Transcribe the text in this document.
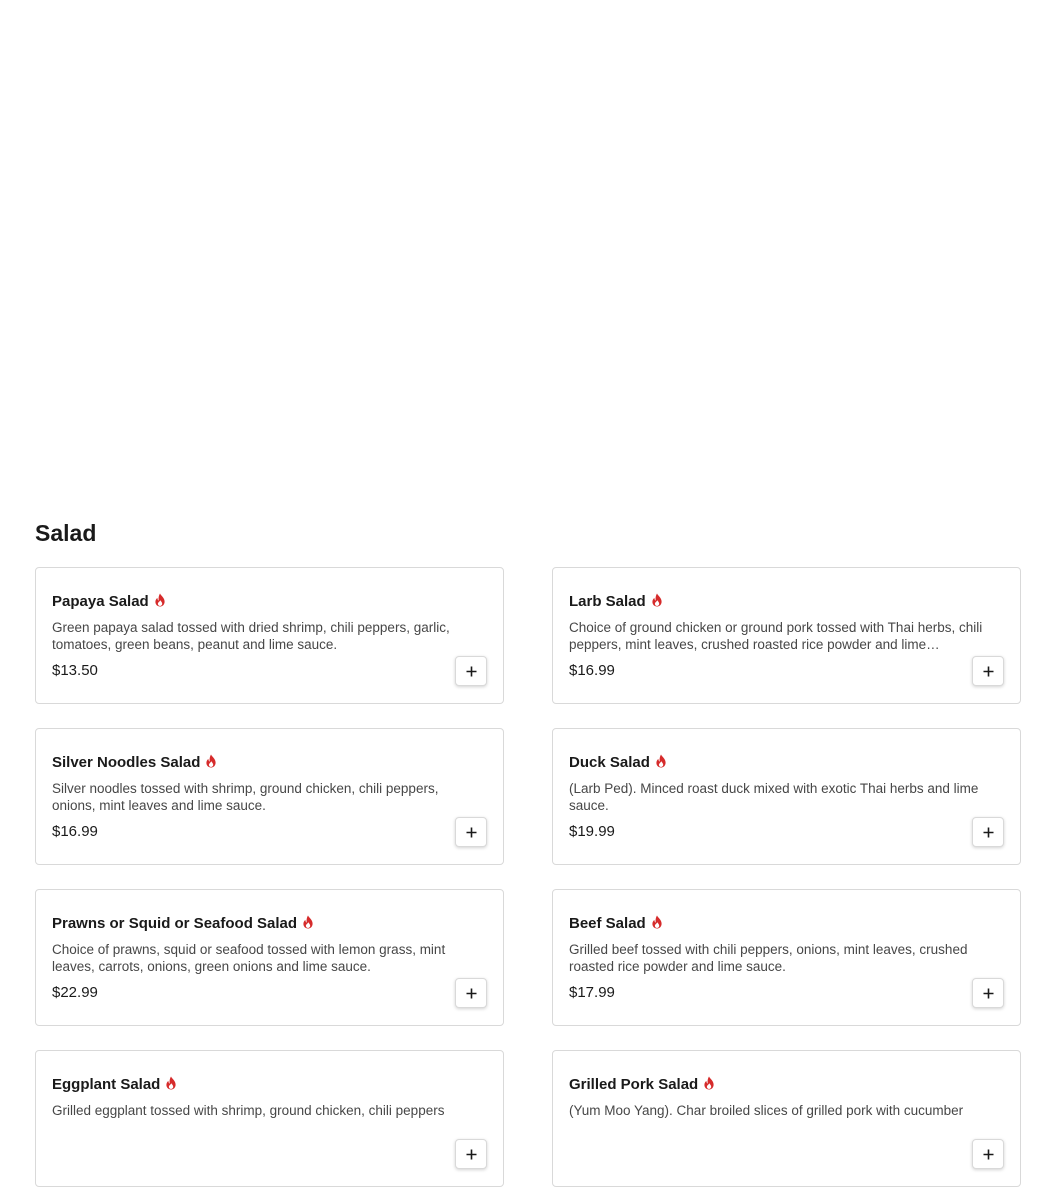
Salad
Papaya Salad
Green papaya salad tossed with dried shrimp, chili peppers, garlic, tomatoes, green beans, peanut and lime sauce.
$13.50
Larb Salad
Choice of ground chicken or ground pork tossed with Thai herbs, chili peppers, mint leaves, crushed roasted rice powder and lime…
$16.99
Silver Noodles Salad
Silver noodles tossed with shrimp, ground chicken, chili peppers, onions, mint leaves and lime sauce.
$16.99
Duck Salad
(Larb Ped). Minced roast duck mixed with exotic Thai herbs and lime sauce.
$19.99
Prawns or Squid or Seafood Salad
Choice of prawns, squid or seafood tossed with lemon grass, mint leaves, carrots, onions, green onions and lime sauce.
$22.99
Beef Salad
Grilled beef tossed with chili peppers, onions, mint leaves, crushed roasted rice powder and lime sauce.
$17.99
Eggplant Salad
Grilled eggplant tossed with shrimp, ground chicken, chili peppers
Grilled Pork Salad
(Yum Moo Yang). Char broiled slices of grilled pork with cucumber
